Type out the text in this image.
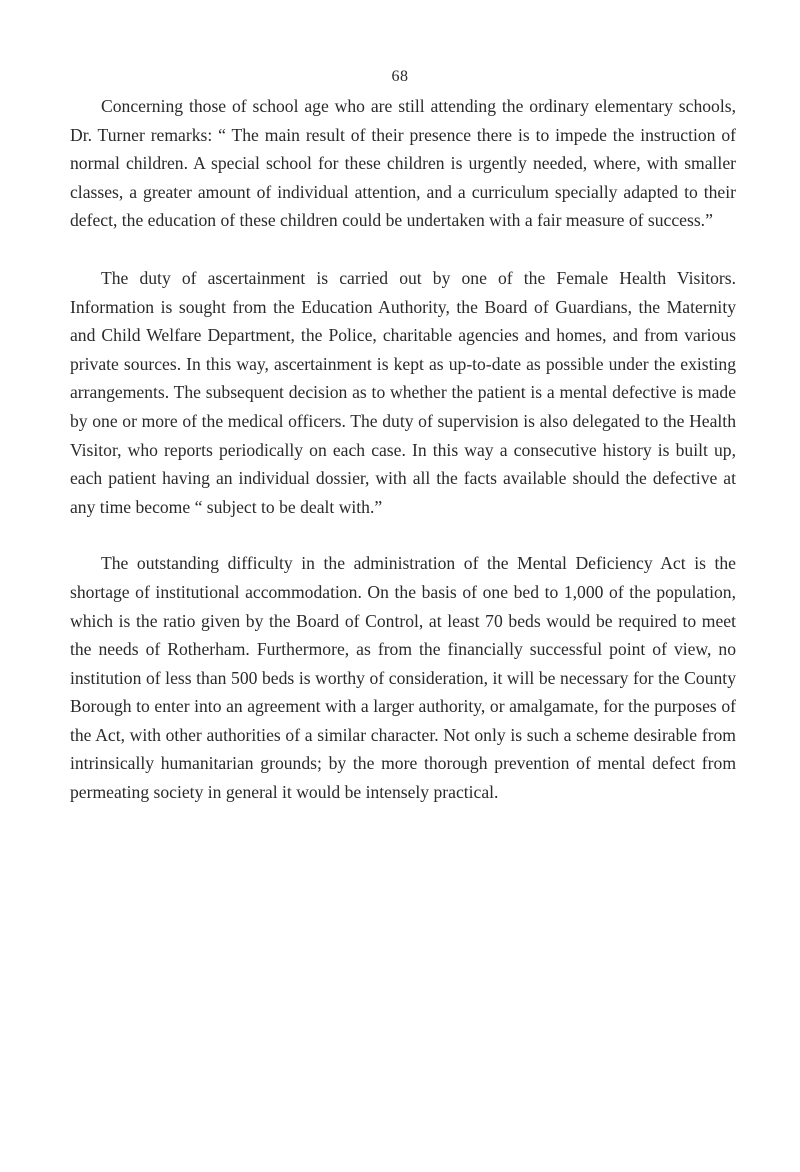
68

Concerning those of school age who are still attending the ordinary elementary schools, Dr. Turner remarks: “ The main result of their presence there is to impede the instruction of normal children. A special school for these children is urgently needed, where, with smaller classes, a greater amount of individual attention, and a curriculum specially adapted to their defect, the education of these children could be undertaken with a fair measure of success.”

The duty of ascertainment is carried out by one of the Female Health Visitors. Information is sought from the Education Authority, the Board of Guardians, the Maternity and Child Welfare Department, the Police, charitable agencies and homes, and from various private sources. In this way, ascertainment is kept as up-to-date as possible under the existing arrangements. The subsequent decision as to whether the patient is a mental defective is made by one or more of the medical officers. The duty of supervision is also delegated to the Health Visitor, who reports periodically on each case. In this way a consecutive history is built up, each patient having an individual dossier, with all the facts available should the defective at any time become “ subject to be dealt with.”

The outstanding difficulty in the administration of the Mental Deficiency Act is the shortage of institutional accommodation. On the basis of one bed to 1,000 of the population, which is the ratio given by the Board of Control, at least 70 beds would be required to meet the needs of Rotherham. Furthermore, as from the financially successful point of view, no institution of less than 500 beds is worthy of consideration, it will be necessary for the County Borough to enter into an agreement with a larger authority, or amalgamate, for the purposes of the Act, with other authorities of a similar character. Not only is such a scheme desirable from intrinsically humanitarian grounds; by the more thorough prevention of mental defect from permeating society in general it would be intensely practical.
